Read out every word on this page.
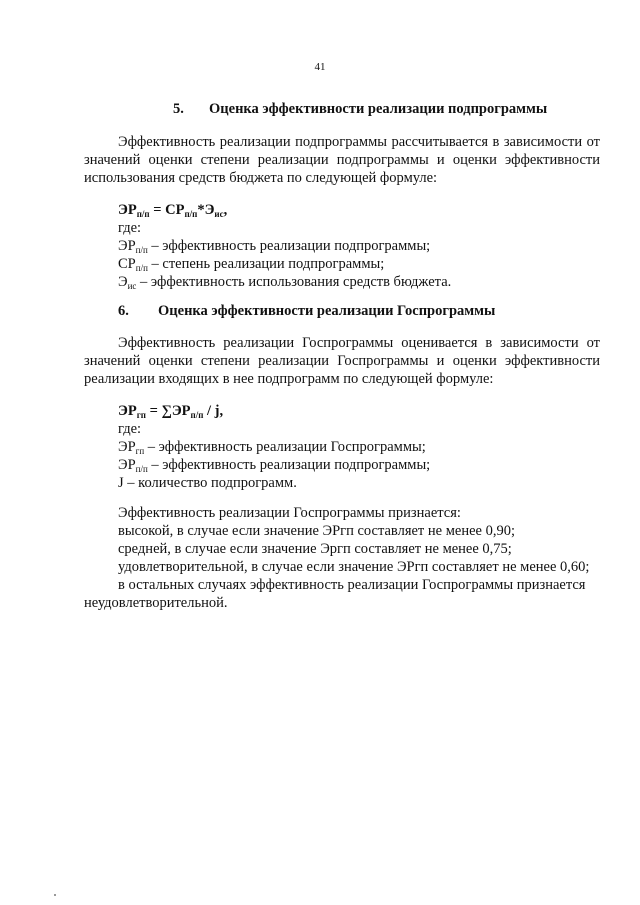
41
5. Оценка эффективности реализации подпрограммы
Эффективность реализации подпрограммы рассчитывается в зависимости от значений оценки степени реализации подпрограммы и оценки эффективности использования средств бюджета по следующей формуле:
$ЭР_{п/п} = СР_{п/п}*Э_{ис}$,
где:
$ЭР_{п/п}$ – эффективность реализации подпрограммы;
$СР_{п/п}$ – степень реализации подпрограммы;
$Э_{ис}$ – эффективность использования средств бюджета.
6. Оценка эффективности реализации Госпрограммы
Эффективность реализации Госпрограммы оценивается в зависимости от значений оценки степени реализации Госпрограммы и оценки эффективности реализации входящих в нее подпрограмм по следующей формуле:
$ЭР_{гп} = \sum ЭР_{п/п} / j$,
где:
$ЭР_{гп}$ – эффективность реализации Госпрограммы;
$ЭР_{п/п}$ – эффективность реализации подпрограммы;
J – количество подпрограмм.
Эффективность реализации Госпрограммы признается:
высокой, в случае если значение ЭРгп составляет не менее 0,90;
средней, в случае если значение Эргп составляет не менее 0,75;
удовлетворительной, в случае если значение ЭРгп составляет не менее 0,60;
в остальных случаях эффективность реализации Госпрограммы признается
неудовлетворительной.
